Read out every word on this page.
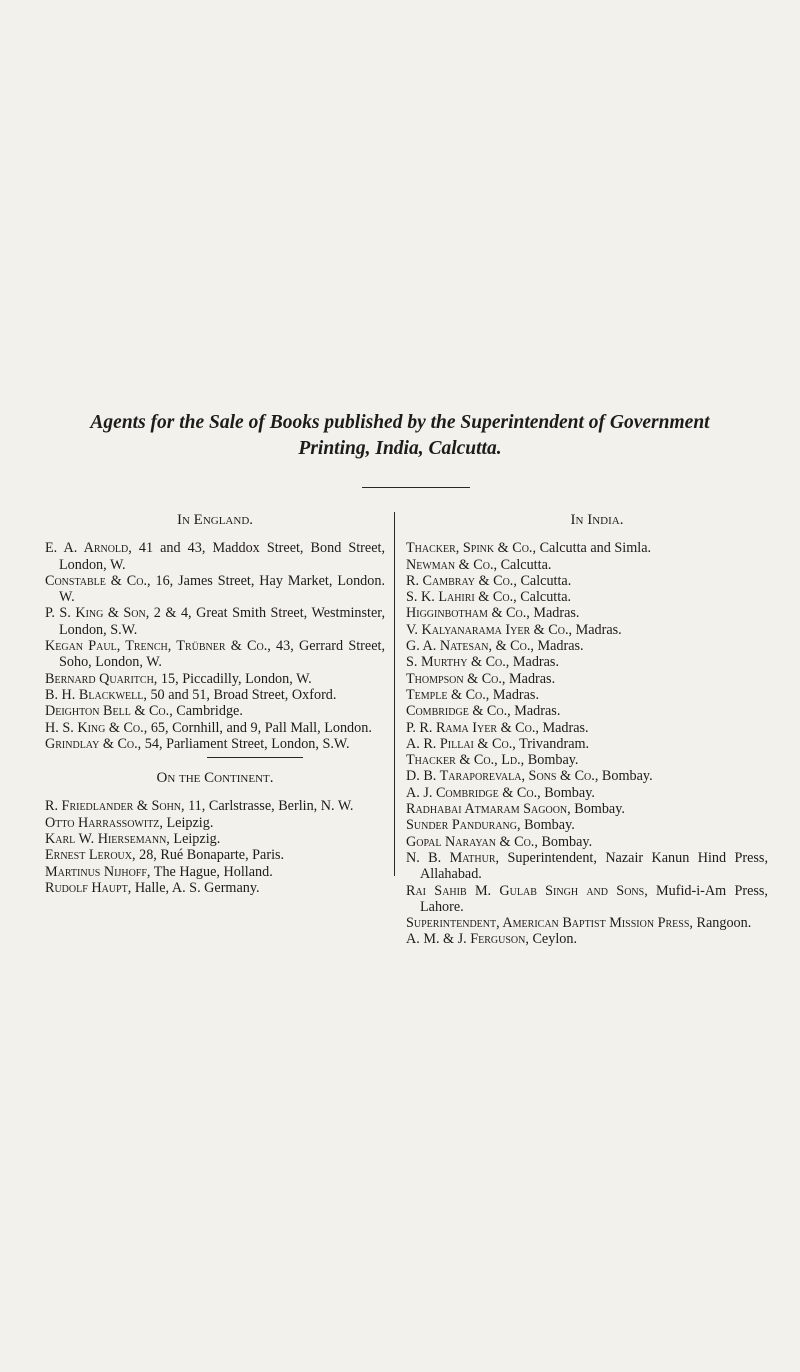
Agents for the Sale of Books published by the Superintendent of Government
Printing, India, Calcutta.
In England.
E. A. Arnold, 41 and 43, Maddox Street, Bond Street, London, W.
Constable & Co., 16, James Street, Hay Market, London. W.
P. S. King & Son, 2 & 4, Great Smith Street, Westminster, London, S.W.
Kegan Paul, Trench, Trübner & Co., 43, Gerrard Street, Soho, London, W.
Bernard Quaritch, 15, Piccadilly, London, W.
B. H. Blackwell, 50 and 51, Broad Street, Oxford.
Deighton Bell & Co., Cambridge.
H. S. King & Co., 65, Cornhill, and 9, Pall Mall, London.
Grindlay & Co., 54, Parliament Street, London, S.W.
On the Continent.
R. Friedlander & Sohn, 11, Carlstrasse, Berlin, N. W.
Otto Harrassowitz, Leipzig.
Karl W. Hiersemann, Leipzig.
Ernest Leroux, 28, Rué Bonaparte, Paris.
Martinus Nijhoff, The Hague, Holland.
Rudolf Haupt, Halle, A. S. Germany.
In India.
Thacker, Spink & Co., Calcutta and Simla.
Newman & Co., Calcutta.
R. Cambray & Co., Calcutta.
S. K. Lahiri & Co., Calcutta.
Higginbotham & Co., Madras.
V. Kalyanarama Iyer & Co., Madras.
G. A. Natesan, & Co., Madras.
S. Murthy & Co., Madras.
Thompson & Co., Madras.
Temple & Co., Madras.
Combridge & Co., Madras.
P. R. Rama Iyer & Co., Madras.
A. R. Pillai & Co., Trivandram.
Thacker & Co., Ld., Bombay.
D. B. Taraporevala, Sons & Co., Bombay.
A. J. Combridge & Co., Bombay.
Radhabai Atmaram Sagoon, Bombay.
Sunder Pandurang, Bombay.
Gopal Narayan & Co., Bombay.
N. B. Mathur, Superintendent, Nazair Kanun Hind Press, Allahabad.
Rai Sahib M. Gulab Singh and Sons, Mufid-i-Am Press, Lahore.
Superintendent, American Baptist Mission Press, Rangoon.
A. M. & J. Ferguson, Ceylon.
